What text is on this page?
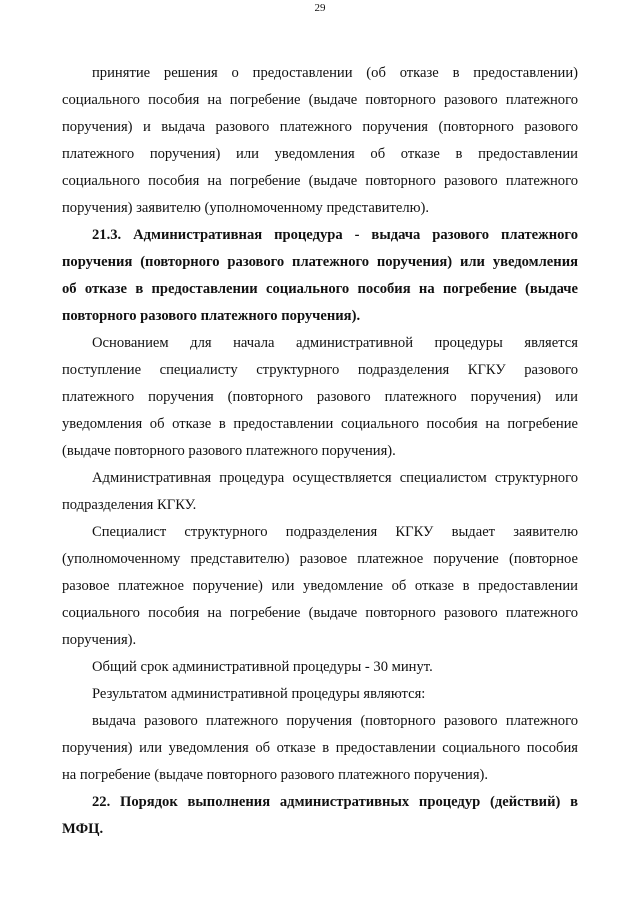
29
принятие решения о предоставлении (об отказе в предоставлении)
социального пособия на погребение (выдаче повторного разового платежного
поручения) и выдача разового платежного поручения (повторного разового
платежного поручения) или уведомления об отказе в предоставлении
социального пособия на погребение (выдаче повторного разового платежного
поручения) заявителю (уполномоченному представителю).
21.3. Административная процедура - выдача разового платежного
поручения (повторного разового платежного поручения) или уведомления
об отказе в предоставлении социального пособия на погребение (выдаче
повторного разового платежного поручения).
Основанием для начала административной процедуры является
поступление специалисту структурного подразделения КГКУ разового
платежного поручения (повторного разового платежного поручения) или
уведомления об отказе в предоставлении социального пособия на погребение
(выдаче повторного разового платежного поручения).
Административная процедура осуществляется специалистом структурного
подразделения КГКУ.
Специалист структурного подразделения КГКУ выдает заявителю
(уполномоченному представителю) разовое платежное поручение (повторное
разовое платежное поручение) или уведомление об отказе в предоставлении
социального пособия на погребение (выдаче повторного разового платежного
поручения).
Общий срок административной процедуры - 30 минут.
Результатом административной процедуры являются:
выдача разового платежного поручения (повторного разового платежного
поручения) или уведомления об отказе в предоставлении социального пособия
на погребение (выдаче повторного разового платежного поручения).
22. Порядок выполнения административных процедур (действий) в
МФЦ.
